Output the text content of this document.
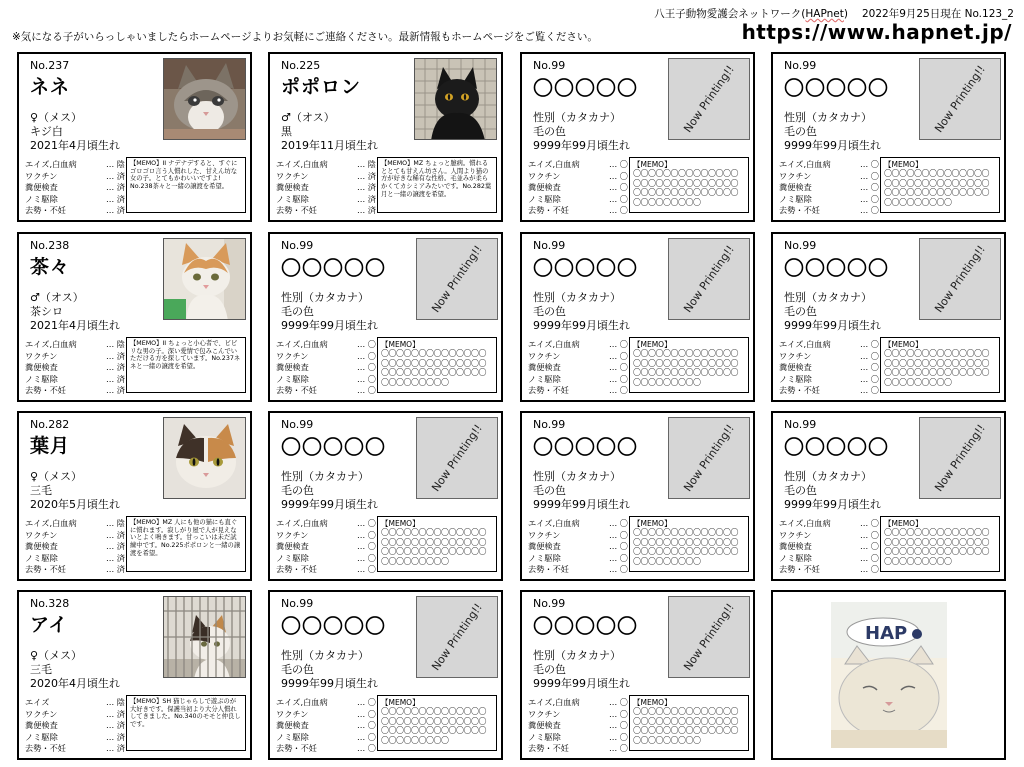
※気になる子がいらっしゃいましたらホームページよりお気軽にご連絡ください。最新情報もホームページをご覧ください。
八王子動物愛護会ネットワーク(HAPnet) 2022年9月25日現在 No.123_2
https://www.hapnet.jp/
No.237
ネネ
♀（メス）
キジ白
2021年4月頃生れ
エイズ,白血病	… 陰
ワクチン	… 済
糞便検査	… 済
ノミ駆除	… 済
去勢・不妊	… 済
【MEMO】II ナデナデすると、すぐにゴロゴロ言う人慣れした、甘えん坊な女の子。とてもかわいいですよ! No.238茶々と一緒の譲渡を希望。
No.225
ポポロン
♂（オス）
黒
2019年11月頃生れ
エイズ,白血病	… 陰
ワクチン	… 済
糞便検査	… 済
ノミ駆除	… 済
去勢・不妊	… 済
【MEMO】MZ ちょっと臆病。慣れるととても甘えん坊さん。人間より猫の方が好きな稀有な性格。毛並みが柔らかくてカシミアみたいです。No.282葉月と一緒の譲渡を希望。
No.99
〇〇〇〇〇
性別（カタカナ）
毛の色
9999年99月頃生れ
Now Printing!!
エイズ,白血病	… 〇
ワクチン	… 〇
糞便検査	… 〇
ノミ駆除	… 〇
去勢・不妊	… 〇
【MEMO】
〇〇〇〇〇〇〇〇〇〇〇〇〇〇
〇〇〇〇〇〇〇〇〇〇〇〇〇〇
〇〇〇〇〇〇〇〇〇〇〇〇〇〇
〇〇〇〇〇〇〇〇〇
No.99
〇〇〇〇〇
性別（カタカナ）
毛の色
9999年99月頃生れ
Now Printing!!
エイズ,白血病	… 〇
ワクチン	… 〇
糞便検査	… 〇
ノミ駆除	… 〇
去勢・不妊	… 〇
【MEMO】
〇〇〇〇〇〇〇〇〇〇〇〇〇〇
〇〇〇〇〇〇〇〇〇〇〇〇〇〇
〇〇〇〇〇〇〇〇〇〇〇〇〇〇
〇〇〇〇〇〇〇〇〇
No.238
茶々
♂（オス）
茶シロ
2021年4月頃生れ
エイズ,白血病	… 陰
ワクチン	… 済
糞便検査	… 済
ノミ駆除	… 済
去勢・不妊	… 済
【MEMO】II ちょっと小心者で、ビビリな男の子。深い愛情で包みこんでいただける方を探しています。No.237ネネと一緒の譲渡を希望。
No.99
〇〇〇〇〇
性別（カタカナ）
毛の色
9999年99月頃生れ
Now Printing!!
エイズ,白血病	… 〇
ワクチン	… 〇
糞便検査	… 〇
ノミ駆除	… 〇
去勢・不妊	… 〇
【MEMO】
〇〇〇〇〇〇〇〇〇〇〇〇〇〇
〇〇〇〇〇〇〇〇〇〇〇〇〇〇
〇〇〇〇〇〇〇〇〇〇〇〇〇〇
〇〇〇〇〇〇〇〇〇
No.99
〇〇〇〇〇
性別（カタカナ）
毛の色
9999年99月頃生れ
Now Printing!!
エイズ,白血病	… 〇
ワクチン	… 〇
糞便検査	… 〇
ノミ駆除	… 〇
去勢・不妊	… 〇
【MEMO】
〇〇〇〇〇〇〇〇〇〇〇〇〇〇
〇〇〇〇〇〇〇〇〇〇〇〇〇〇
〇〇〇〇〇〇〇〇〇〇〇〇〇〇
〇〇〇〇〇〇〇〇〇
No.99
〇〇〇〇〇
性別（カタカナ）
毛の色
9999年99月頃生れ
Now Printing!!
エイズ,白血病	… 〇
ワクチン	… 〇
糞便検査	… 〇
ノミ駆除	… 〇
去勢・不妊	… 〇
【MEMO】
〇〇〇〇〇〇〇〇〇〇〇〇〇〇
〇〇〇〇〇〇〇〇〇〇〇〇〇〇
〇〇〇〇〇〇〇〇〇〇〇〇〇〇
〇〇〇〇〇〇〇〇〇
No.282
葉月
♀（メス）
三毛
2020年5月頃生れ
エイズ,白血病	… 陰
ワクチン	… 済
糞便検査	… 済
ノミ駆除	… 済
去勢・不妊	… 済
【MEMO】MZ 人にも他の猫にも直ぐに慣れます。寂しがり屋で人が見えないとよく鳴きます。甘っこいは未だ試練中です。No.225ポポロンと一緒の譲渡を希望。
No.99
〇〇〇〇〇
性別（カタカナ）
毛の色
9999年99月頃生れ
Now Printing!!
エイズ,白血病	… 〇
ワクチン	… 〇
糞便検査	… 〇
ノミ駆除	… 〇
去勢・不妊	… 〇
【MEMO】
〇〇〇〇〇〇〇〇〇〇〇〇〇〇
〇〇〇〇〇〇〇〇〇〇〇〇〇〇
〇〇〇〇〇〇〇〇〇〇〇〇〇〇
〇〇〇〇〇〇〇〇〇
No.99
〇〇〇〇〇
性別（カタカナ）
毛の色
9999年99月頃生れ
Now Printing!!
エイズ,白血病	… 〇
ワクチン	… 〇
糞便検査	… 〇
ノミ駆除	… 〇
去勢・不妊	… 〇
【MEMO】
〇〇〇〇〇〇〇〇〇〇〇〇〇〇
〇〇〇〇〇〇〇〇〇〇〇〇〇〇
〇〇〇〇〇〇〇〇〇〇〇〇〇〇
〇〇〇〇〇〇〇〇〇
No.99
〇〇〇〇〇
性別（カタカナ）
毛の色
9999年99月頃生れ
Now Printing!!
エイズ,白血病	… 〇
ワクチン	… 〇
糞便検査	… 〇
ノミ駆除	… 〇
去勢・不妊	… 〇
【MEMO】
〇〇〇〇〇〇〇〇〇〇〇〇〇〇
〇〇〇〇〇〇〇〇〇〇〇〇〇〇
〇〇〇〇〇〇〇〇〇〇〇〇〇〇
〇〇〇〇〇〇〇〇〇
No.328
アイ
♀（メス）
三毛
2020年4月頃生れ
エイズ	… 陰
ワクチン	… 済
糞便検査	… 済
ノミ駆除	… 済
去勢・不妊	… 済
【MEMO】SH 猫じゃらしで遊ぶのが大好きです。保護当初より大分人慣れしてきました。No.340のモモと仲良しです。
No.99
〇〇〇〇〇
性別（カタカナ）
毛の色
9999年99月頃生れ
Now Printing!!
エイズ,白血病	… 〇
ワクチン	… 〇
糞便検査	… 〇
ノミ駆除	… 〇
去勢・不妊	… 〇
【MEMO】
〇〇〇〇〇〇〇〇〇〇〇〇〇〇
〇〇〇〇〇〇〇〇〇〇〇〇〇〇
〇〇〇〇〇〇〇〇〇〇〇〇〇〇
〇〇〇〇〇〇〇〇〇
No.99
〇〇〇〇〇
性別（カタカナ）
毛の色
9999年99月頃生れ
Now Printing!!
エイズ,白血病	… 〇
ワクチン	… 〇
糞便検査	… 〇
ノミ駆除	… 〇
去勢・不妊	… 〇
【MEMO】
〇〇〇〇〇〇〇〇〇〇〇〇〇〇
〇〇〇〇〇〇〇〇〇〇〇〇〇〇
〇〇〇〇〇〇〇〇〇〇〇〇〇〇
〇〇〇〇〇〇〇〇〇
HAP
